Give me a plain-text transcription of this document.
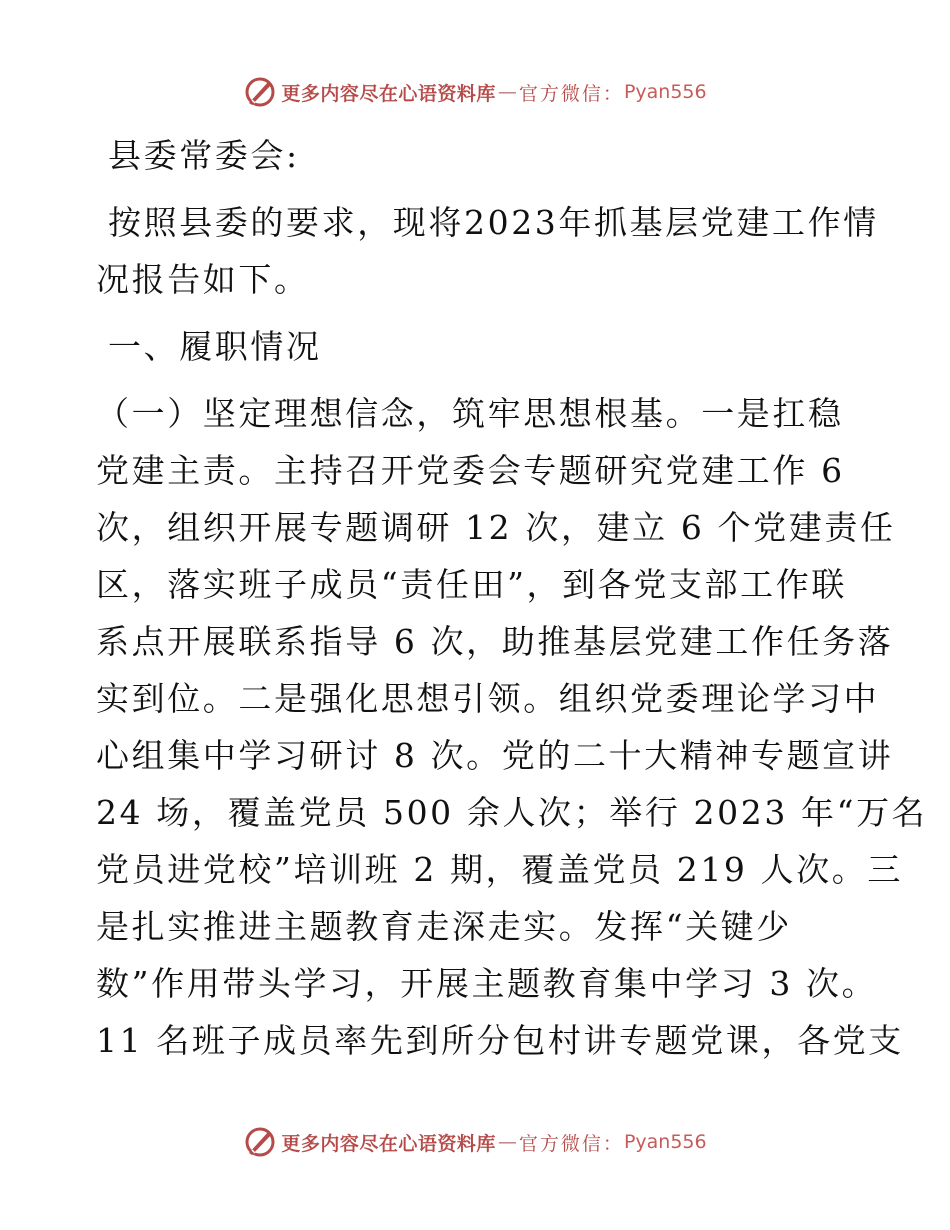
更多内容尽在心语资料库 — 官方微信： Pyan556
县委常委会:
按照县委的要求，现将2023年抓基层党建工作情
况报告如下。
一、履职情况
（一）坚定理想信念，筑牢思想根基。一是扛稳
党建主责。主持召开党委会专题研究党建工作 6
次，组织开展专题调研 12 次，建立 6 个党建责任
区，落实班子成员“责任田”，到各党支部工作联
系点开展联系指导 6 次，助推基层党建工作任务落
实到位。二是强化思想引领。组织党委理论学习中
心组集中学习研讨 8 次。党的二十大精神专题宣讲
24 场，覆盖党员 500 余人次；举行 2023 年“万名
党员进党校”培训班 2 期，覆盖党员 219 人次。三
是扎实推进主题教育走深走实。发挥“关键少
数”作用带头学习，开展主题教育集中学习 3 次。
11 名班子成员率先到所分包村讲专题党课，各党支
更多内容尽在心语资料库 — 官方微信： Pyan556
